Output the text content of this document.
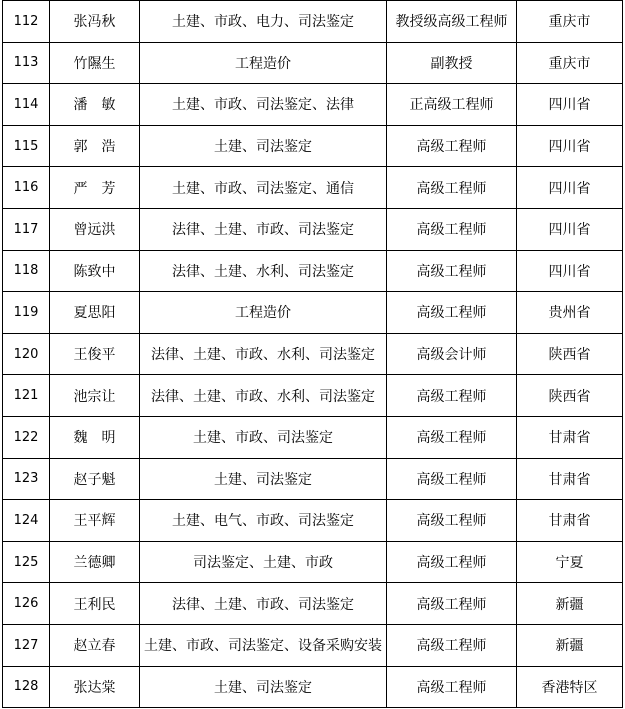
112	张冯秋	土建、市政、电力、司法鉴定	教授级高级工程师	重庆市
113	竹隰生	工程造价	副教授	重庆市
114	潘　敏	土建、市政、司法鉴定、法律	正高级工程师	四川省
115	郭　浩	土建、司法鉴定	高级工程师	四川省
116	严　芳	土建、市政、司法鉴定、通信	高级工程师	四川省
117	曾远洪	法律、土建、市政、司法鉴定	高级工程师	四川省
118	陈致中	法律、土建、水利、司法鉴定	高级工程师	四川省
119	夏思阳	工程造价	高级工程师	贵州省
120	王俊平	法律、土建、市政、水利、司法鉴定	高级会计师	陕西省
121	池宗让	法律、土建、市政、水利、司法鉴定	高级工程师	陕西省
122	魏　明	土建、市政、司法鉴定	高级工程师	甘肃省
123	赵子魁	土建、司法鉴定	高级工程师	甘肃省
124	王平辉	土建、电气、市政、司法鉴定	高级工程师	甘肃省
125	兰德卿	司法鉴定、土建、市政	高级工程师	宁夏
126	王利民	法律、土建、市政、司法鉴定	高级工程师	新疆
127	赵立春	土建、市政、司法鉴定、设备采购安装	高级工程师	新疆
128	张达棠	土建、司法鉴定	高级工程师	香港特区
